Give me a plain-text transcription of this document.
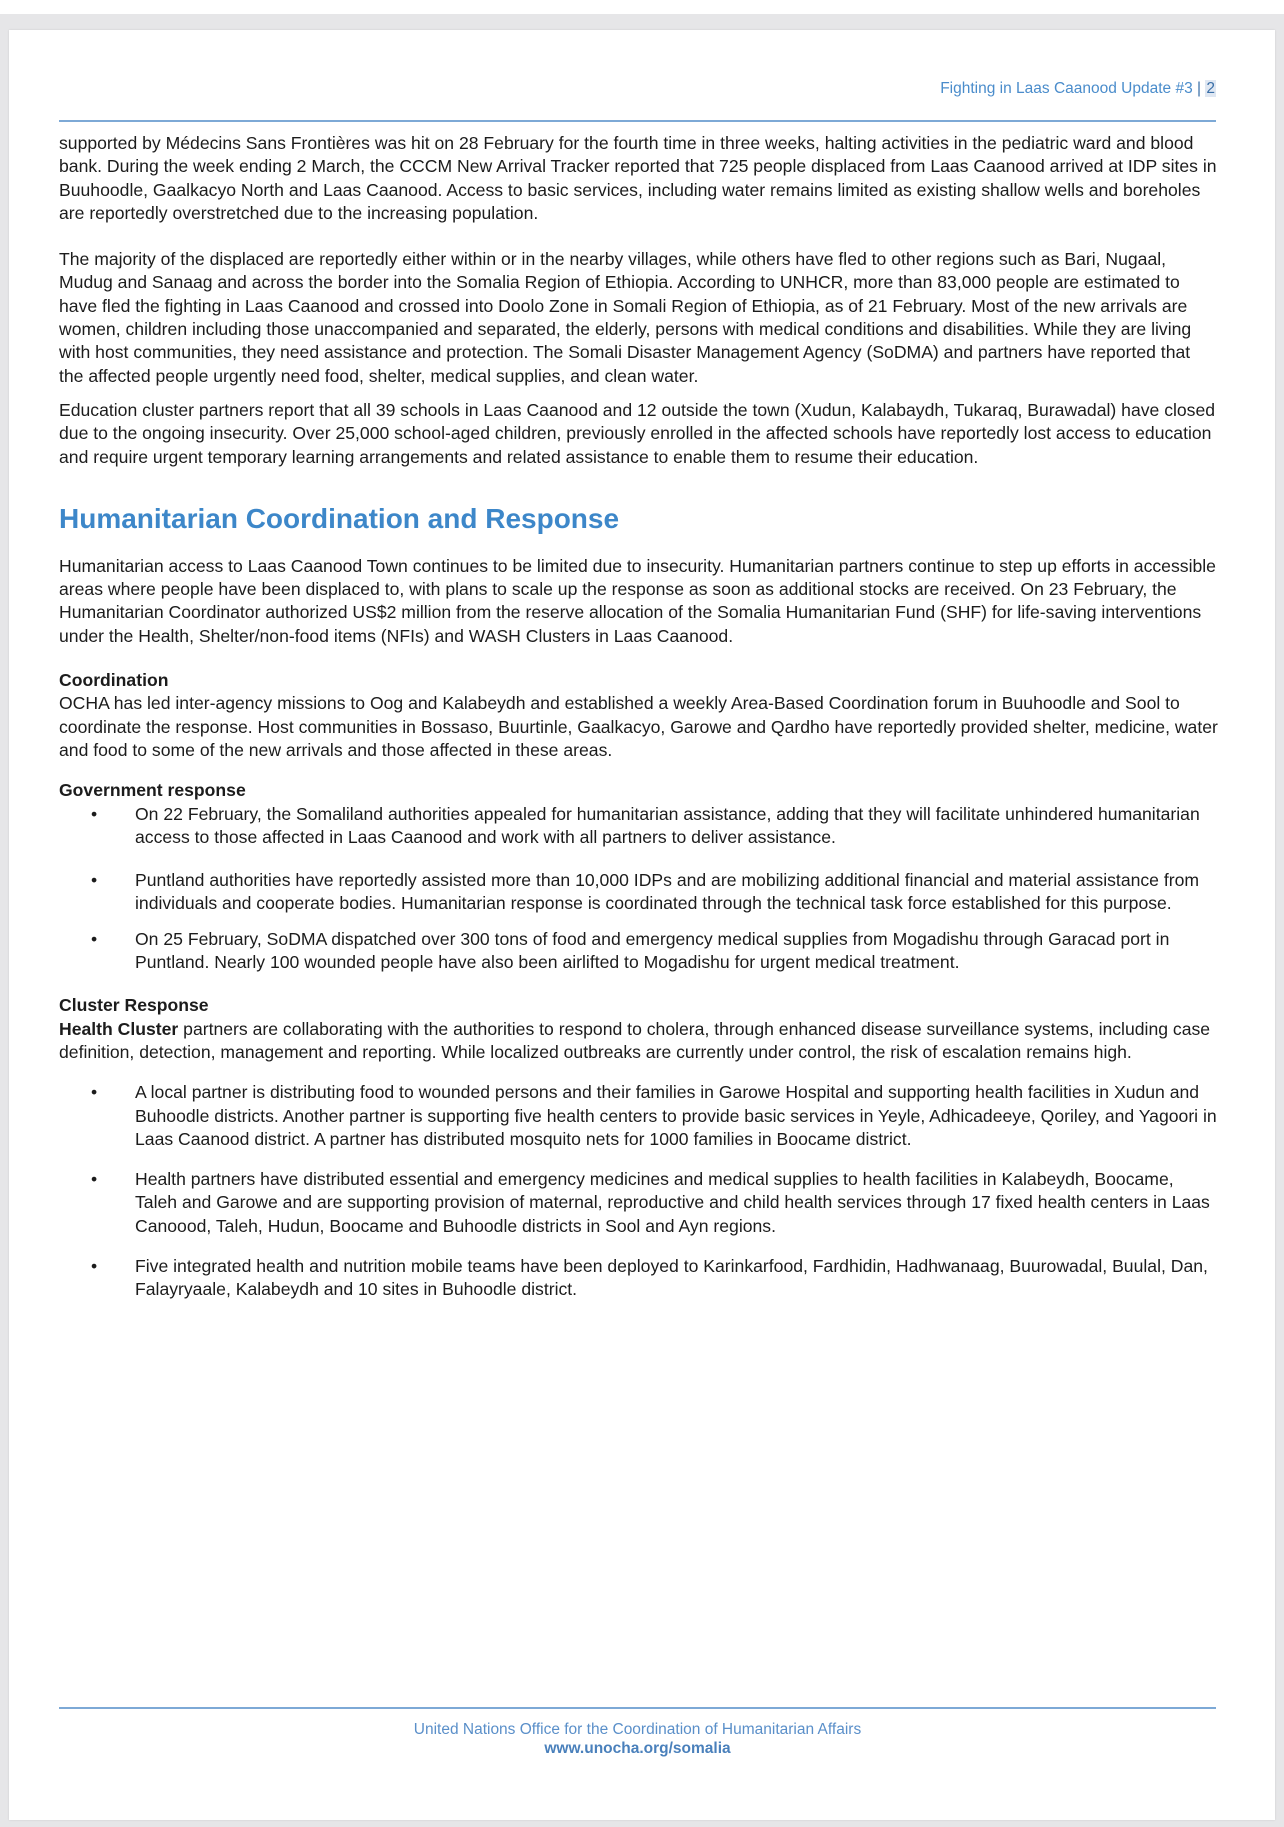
Fighting in Laas Caanood Update #3 | 2

supported by Médecins Sans Frontières was hit on 28 February for the fourth time in three weeks, halting activities in the pediatric ward and blood bank. During the week ending 2 March, the CCCM New Arrival Tracker reported that 725 people displaced from Laas Caanood arrived at IDP sites in Buuhoodle, Gaalkacyo North and Laas Caanood. Access to basic services, including water remains limited as existing shallow wells and boreholes are reportedly overstretched due to the increasing population.

The majority of the displaced are reportedly either within or in the nearby villages, while others have fled to other regions such as Bari, Nugaal, Mudug and Sanaag and across the border into the Somalia Region of Ethiopia. According to UNHCR, more than 83,000 people are estimated to have fled the fighting in Laas Caanood and crossed into Doolo Zone in Somali Region of Ethiopia, as of 21 February. Most of the new arrivals are women, children including those unaccompanied and separated, the elderly, persons with medical conditions and disabilities. While they are living with host communities, they need assistance and protection. The Somali Disaster Management Agency (SoDMA) and partners have reported that the affected people urgently need food, shelter, medical supplies, and clean water.

Education cluster partners report that all 39 schools in Laas Caanood and 12 outside the town (Xudun, Kalabaydh, Tukaraq, Burawadal) have closed due to the ongoing insecurity. Over 25,000 school-aged children, previously enrolled in the affected schools have reportedly lost access to education and require urgent temporary learning arrangements and related assistance to enable them to resume their education.

Humanitarian Coordination and Response

Humanitarian access to Laas Caanood Town continues to be limited due to insecurity. Humanitarian partners continue to step up efforts in accessible areas where people have been displaced to, with plans to scale up the response as soon as additional stocks are received. On 23 February, the Humanitarian Coordinator authorized US$2 million from the reserve allocation of the Somalia Humanitarian Fund (SHF) for life-saving interventions under the Health, Shelter/non-food items (NFIs) and WASH Clusters in Laas Caanood.

Coordination

OCHA has led inter-agency missions to Oog and Kalabeydh and established a weekly Area-Based Coordination forum in Buuhoodle and Sool to coordinate the response. Host communities in Bossaso, Buurtinle, Gaalkacyo, Garowe and Qardho have reportedly provided shelter, medicine, water and food to some of the new arrivals and those affected in these areas.

Government response

• On 22 February, the Somaliland authorities appealed for humanitarian assistance, adding that they will facilitate unhindered humanitarian access to those affected in Laas Caanood and work with all partners to deliver assistance.
• Puntland authorities have reportedly assisted more than 10,000 IDPs and are mobilizing additional financial and material assistance from individuals and cooperate bodies. Humanitarian response is coordinated through the technical task force established for this purpose.
• On 25 February, SoDMA dispatched over 300 tons of food and emergency medical supplies from Mogadishu through Garacad port in Puntland. Nearly 100 wounded people have also been airlifted to Mogadishu for urgent medical treatment.

Cluster Response

Health Cluster partners are collaborating with the authorities to respond to cholera, through enhanced disease surveillance systems, including case definition, detection, management and reporting. While localized outbreaks are currently under control, the risk of escalation remains high.

• A local partner is distributing food to wounded persons and their families in Garowe Hospital and supporting health facilities in Xudun and Buhoodle districts. Another partner is supporting five health centers to provide basic services in Yeyle, Adhicadeeye, Qoriley, and Yagoori in Laas Caanood district. A partner has distributed mosquito nets for 1000 families in Boocame district.
• Health partners have distributed essential and emergency medicines and medical supplies to health facilities in Kalabeydh, Boocame, Taleh and Garowe and are supporting provision of maternal, reproductive and child health services through 17 fixed health centers in Laas Canoood, Taleh, Hudun, Boocame and Buhoodle districts in Sool and Ayn regions.
• Five integrated health and nutrition mobile teams have been deployed to Karinkarfood, Fardhidin, Hadhwanaag, Buurowadal, Buulal, Dan, Falayryaale, Kalabeydh and 10 sites in Buhoodle district.
United Nations Office for the Coordination of Humanitarian Affairs
www.unocha.org/somalia
